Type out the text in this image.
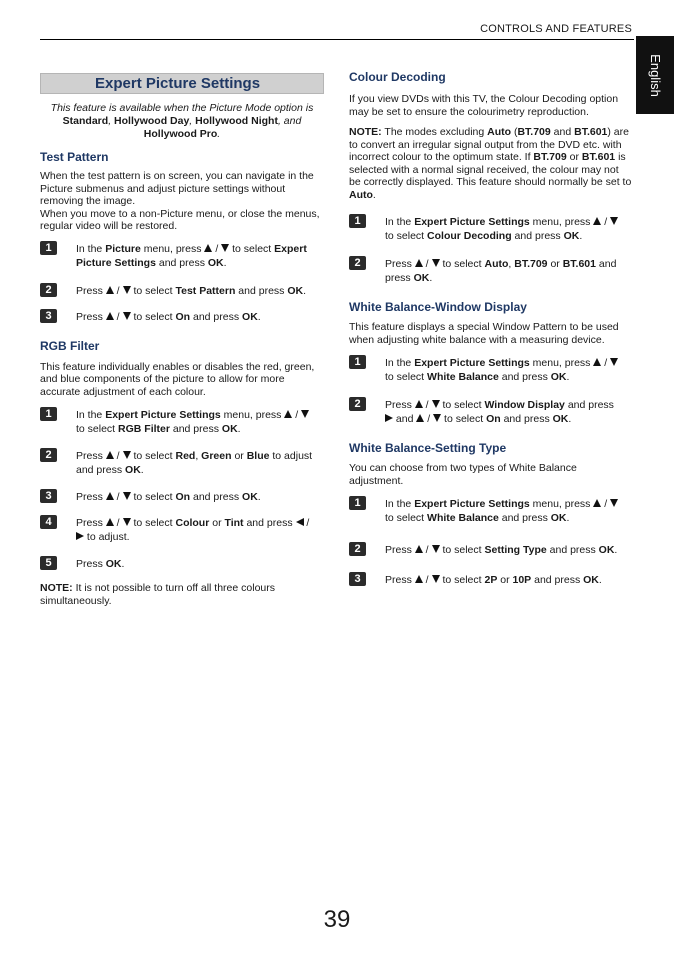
CONTROLS AND FEATURES
English
Expert Picture Settings
This feature is available when the Picture Mode option is Standard, Hollywood Day, Hollywood Night, and
Hollywood Pro.
Test Pattern

When the test pattern is on screen, you can navigate in the Picture submenus and adjust picture settings without removing the image.

When you move to a non-Picture menu, or close the menus, regular video will be restored.

1	In the Picture menu, press  /  to select Expert Picture Settings and press OK.
2	Press  /  to select Test Pattern and press OK.
3	Press  /  to select On and press OK.
RGB Filter

This feature individually enables or disables the red, green, and blue components of the picture to allow for more accurate adjustment of each colour.

1	In the Expert Picture Settings menu, press  /
to select RGB Filter and press OK.
2	Press  /  to select Red, Green or Blue to adjust and press OK.
3	Press  /  to select On and press OK.
4	Press  /  to select Colour or Tint and press  /
to adjust.
5	Press OK.

NOTE: It is not possible to turn off all three colours simultaneously.

Colour Decoding

If you view DVDs with this TV, the Colour Decoding option may be set to ensure the colourimetry reproduction.

NOTE: The modes excluding Auto (BT.709 and BT.601) are to convert an irregular signal output from the DVD etc. with incorrect colour to the optimum state. If BT.709 or BT.601 is selected with a normal signal received, the colour may not be correctly displayed. This feature should normally be set to Auto.

1	In the Expert Picture Settings menu, press  /
to select Colour Decoding and press OK.
2	Press  /  to select Auto, BT.709 or BT.601 and press OK.
White Balance-Window Display

This feature displays a special Window Pattern to be used when adjusting white balance with a measuring device.

1	In the Expert Picture Settings menu, press  /
to select White Balance and press OK.
2	Press  /  to select Window Display and press
and  /  to select On and press OK.
White Balance-Setting Type

You can choose from two types of White Balance adjustment.

1	In the Expert Picture Settings menu, press  /
to select White Balance and press OK.
2	Press  /  to select Setting Type and press OK.
3	Press  /  to select 2P or 10P and press OK.
39
